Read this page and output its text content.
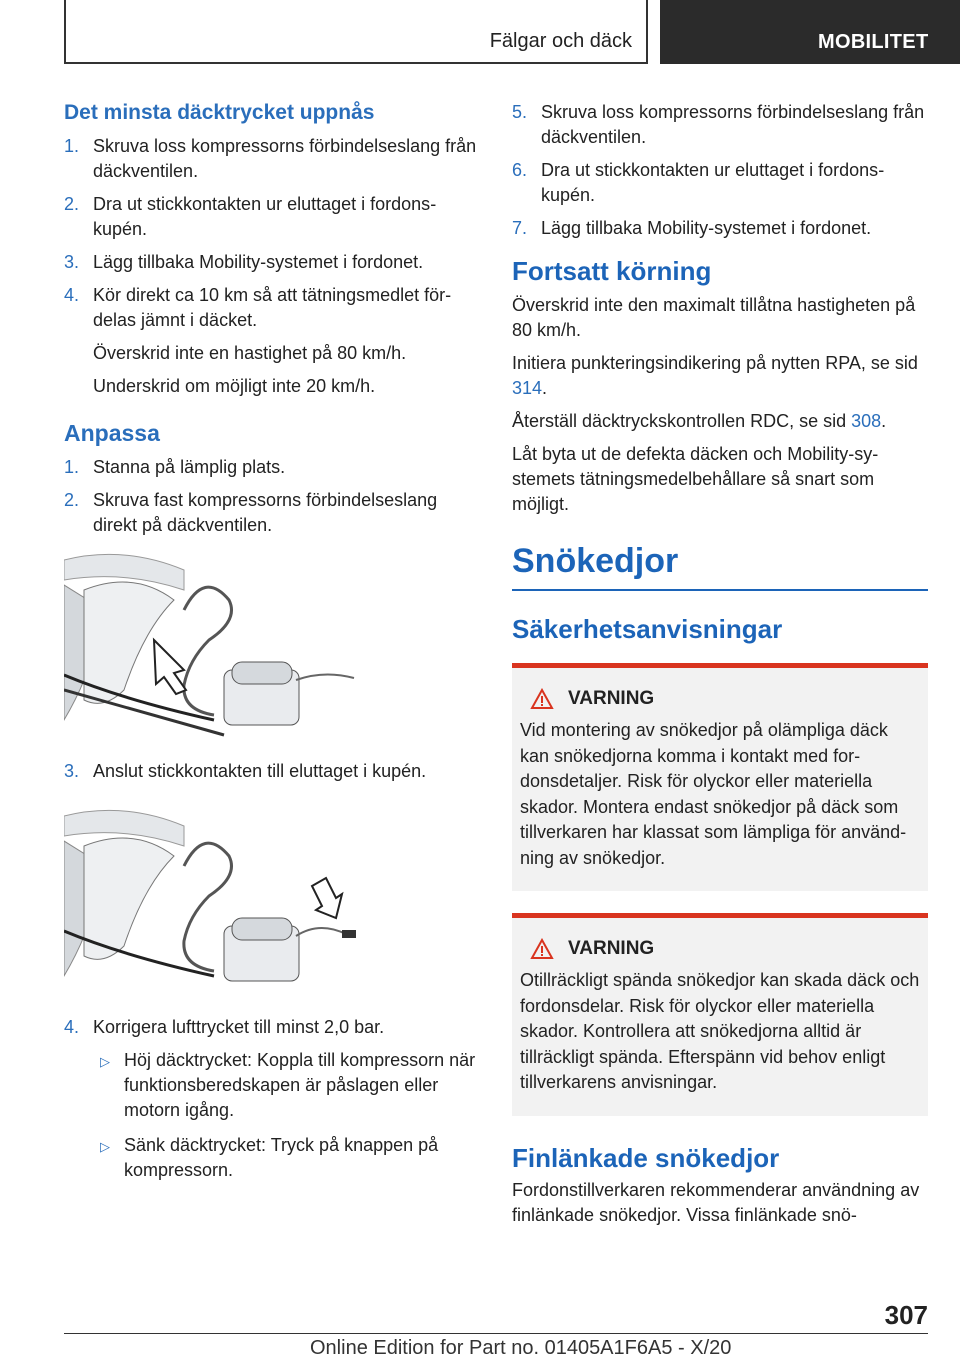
Fälgar och däck	MOBILITET
Det minsta däcktrycket uppnås
1. Skruva loss kompressorns förbindelseslang från däckventilen.
2. Dra ut stickkontakten ur eluttaget i fordonskupén.
3. Lägg tillbaka Mobility-systemet i fordonet.
4. Kör direkt ca 10 km så att tätningsmedlet fördelas jämnt i däcket.

Överskrid inte en hastighet på 80 km/h.

Underskrid om möjligt inte 20 km/h.

Anpassa
1. Stanna på lämplig plats.
2. Skruva fast kompressorns förbindelseslang direkt på däckventilen.
3. Anslut stickkontakten till eluttaget i kupén.
4. Korrigera lufttrycket till minst 2,0 bar.
▷ Höj däcktrycket: Koppla till kompressorn när funktionsberedskapen är påslagen eller motorn igång.
▷ Sänk däcktrycket: Tryck på knappen på kompressorn.
5. Skruva loss kompressorns förbindelseslang från däckventilen.
6. Dra ut stickkontakten ur eluttaget i fordonskupén.
7. Lägg tillbaka Mobility-systemet i fordonet.
Fortsatt körning

Överskrid inte den maximalt tillåtna hastigheten på 80 km/h.

Initiera punkteringsindikering på nytten RPA, se sid 314.

Återställ däcktryckskontrollen RDC, se sid 308.

Låt byta ut de defekta däcken och Mobility-systemets tätningsmedelbehållare så snart som möjligt.

Snökedjor
Säkerhetsanvisningar
VARNING
Vid montering av snökedjor på olämpliga däck kan snökedjorna komma i kontakt med fordonsdetaljer. Risk för olyckor eller materiella skador. Montera endast snökedjor på däck som tillverkaren har klassat som lämpliga för användning av snökedjor.
VARNING
Otillräckligt spända snökedjor kan skada däck och fordonsdelar. Risk för olyckor eller materiella skador. Kontrollera att snökedjorna alltid är tillräckligt spända. Efterspänn vid behov enligt tillverkarens anvisningar.
Finlänkade snökedjor

Fordonstillverkaren rekommenderar användning av finlänkade snökedjor. Vissa finlänkade snö-

307
Online Edition for Part no. 01405A1F6A5 - X/20
